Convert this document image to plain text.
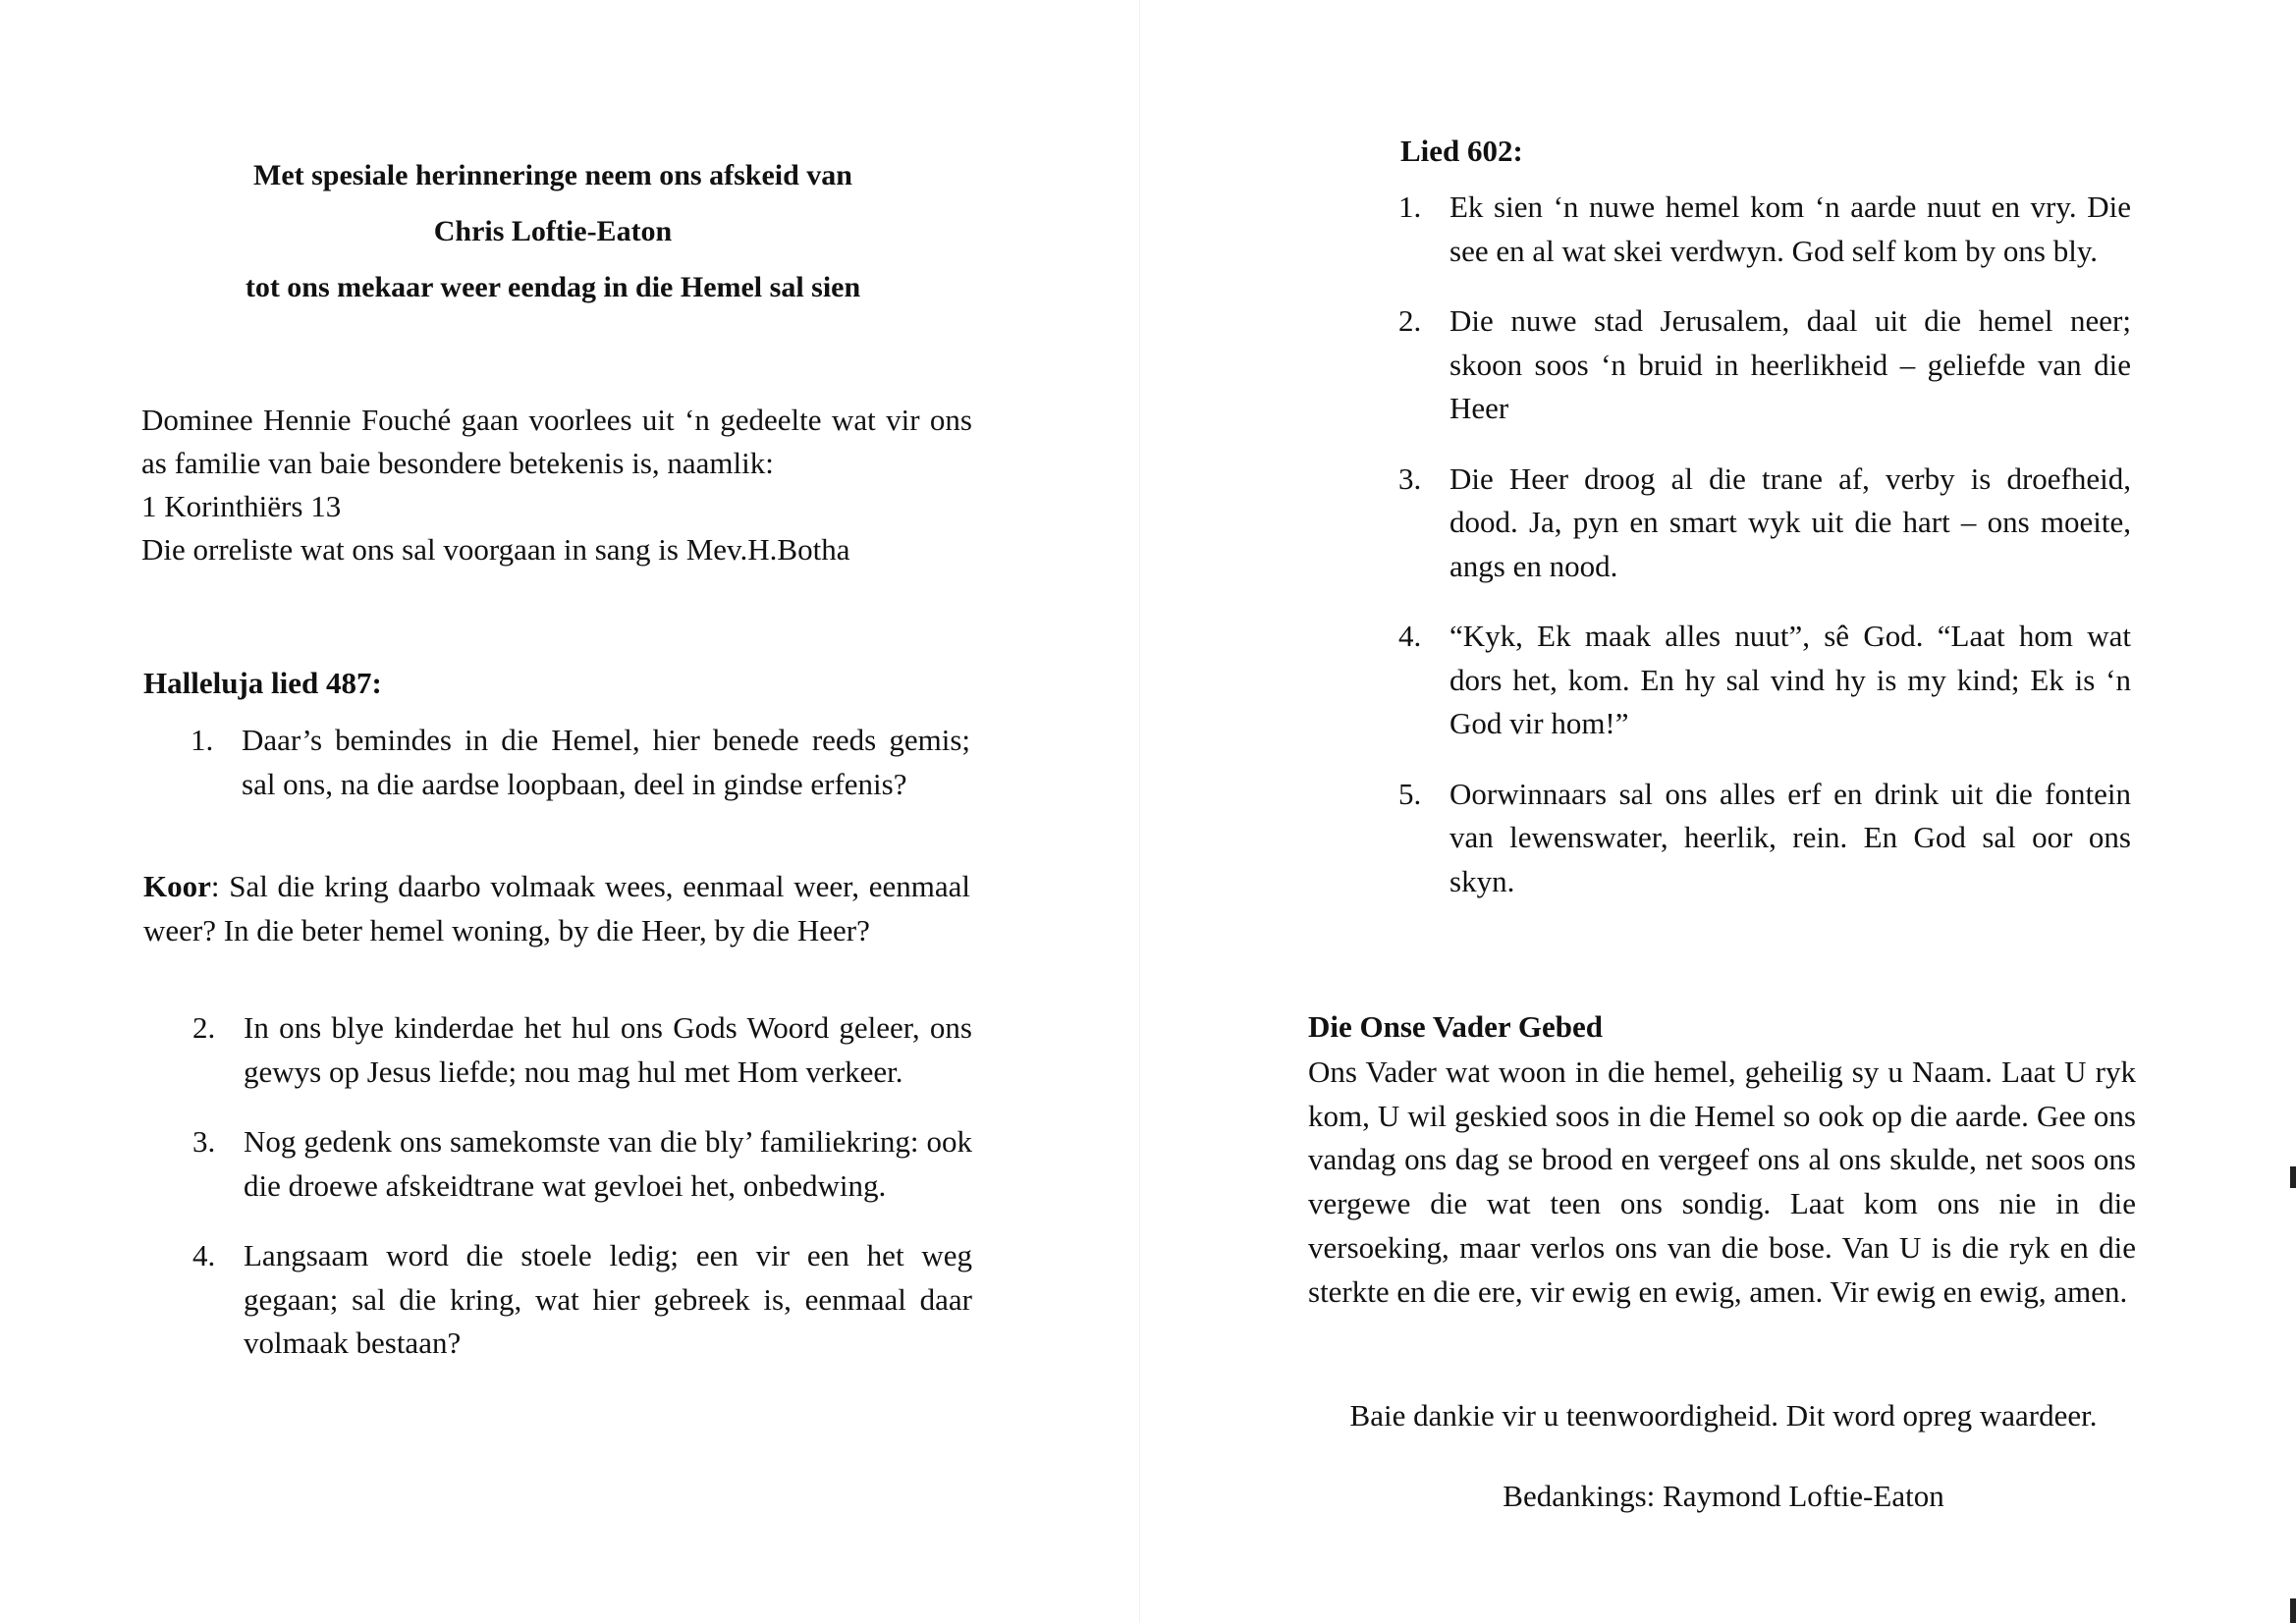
Met spesiale herinneringe neem ons afskeid van
Chris Loftie-Eaton
tot ons mekaar weer eendag in die Hemel sal sien

Dominee Hennie Fouché gaan voorlees uit ‘n gedeelte wat vir ons as familie van baie besondere betekenis is, naamlik:

1 Korinthiërs 13

Die orreliste wat ons sal voorgaan in sang is Mev.H.Botha

Halleluja lied 487:
1. Daar’s bemindes in die Hemel, hier benede reeds gemis;        sal ons, na die aardse loopbaan, deel in gindse erfenis?
Koor: Sal die kring daarbo volmaak wees, eenmaal weer, eenmaal weer? In die beter hemel woning, by die Heer, by die Heer?
2. In ons blye kinderdae het hul ons Gods Woord geleer, ons gewys op Jesus liefde; nou mag hul met Hom verkeer.
3. Nog gedenk ons samekomste van die bly’ familiekring: ook die droewe afskeidtrane wat gevloei het, onbedwing.
4. Langsaam word die stoele ledig; een vir een het weg gegaan; sal die kring, wat hier gebreek is, eenmaal daar volmaak bestaan?
Lied 602:
1. Ek sien ‘n nuwe hemel kom ‘n aarde nuut en vry. Die see en al wat skei verdwyn. God self kom by ons bly.
2. Die nuwe stad Jerusalem, daal uit die hemel neer; skoon soos ‘n bruid in heerlikheid – geliefde van die Heer
3. Die Heer droog al die trane af, verby is droefheid, dood. Ja, pyn en smart wyk uit die hart – ons moeite, angs en nood.
4. “Kyk, Ek maak alles nuut”, sê God. “Laat hom wat dors het, kom. En hy sal vind hy is my kind; Ek is ‘n God vir hom!”
5. Oorwinnaars sal ons alles erf en drink uit die fontein van lewenswater, heerlik, rein. En God sal oor ons skyn.
Die Onse Vader Gebed
Ons Vader wat woon in die hemel, geheilig sy u Naam. Laat U ryk kom, U wil geskied soos in die Hemel so ook op die aarde. Gee ons vandag ons dag se brood en vergeef ons al ons skulde, net soos ons vergewe die wat teen ons sondig. Laat kom ons nie in die versoeking, maar verlos ons van die bose. Van U is die ryk en die sterkte en die ere, vir ewig en ewig, amen. Vir ewig en ewig, amen.
Baie dankie vir u teenwoordigheid. Dit word opreg waardeer.
Bedankings: Raymond Loftie-Eaton
